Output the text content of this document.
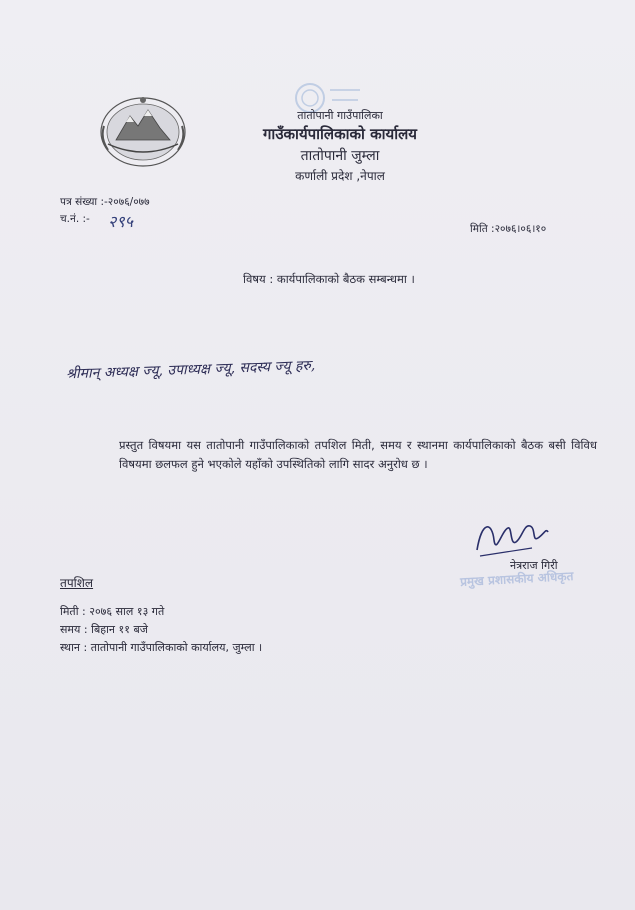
तातोपानी गाउँपालिका
गाउँकार्यपालिकाको कार्यालय
तातोपानी जुम्ला
कर्णाली प्रदेश ,नेपाल
पत्र संख्या :-२०७६/०७७
च.नं. :- २९५	मिति :२०७६।०६।१०
विषय : कार्यपालिकाको बैठक सम्बन्धमा ।
श्रीमान् अध्यक्ष ज्यू, उपाध्यक्ष ज्यू, सदस्य ज्यू हरु,
प्रस्तुत विषयमा यस तातोपानी गाउँपालिकाको तपशिल मिती, समय र स्थानमा कार्यपालिकाको बैठक बसी विविध विषयमा छलफल हुने भएकोले यहाँको उपस्थितिको लागि सादर अनुरोध छ ।
नेत्रराज गिरी
प्रमुख प्रशासकीय अधिकृत
तपशिल
मिती : २०७६ साल १३ गते
समय : बिहान ११ बजे
स्थान : तातोपानी गाउँपालिकाको कार्यालय, जुम्ला ।
